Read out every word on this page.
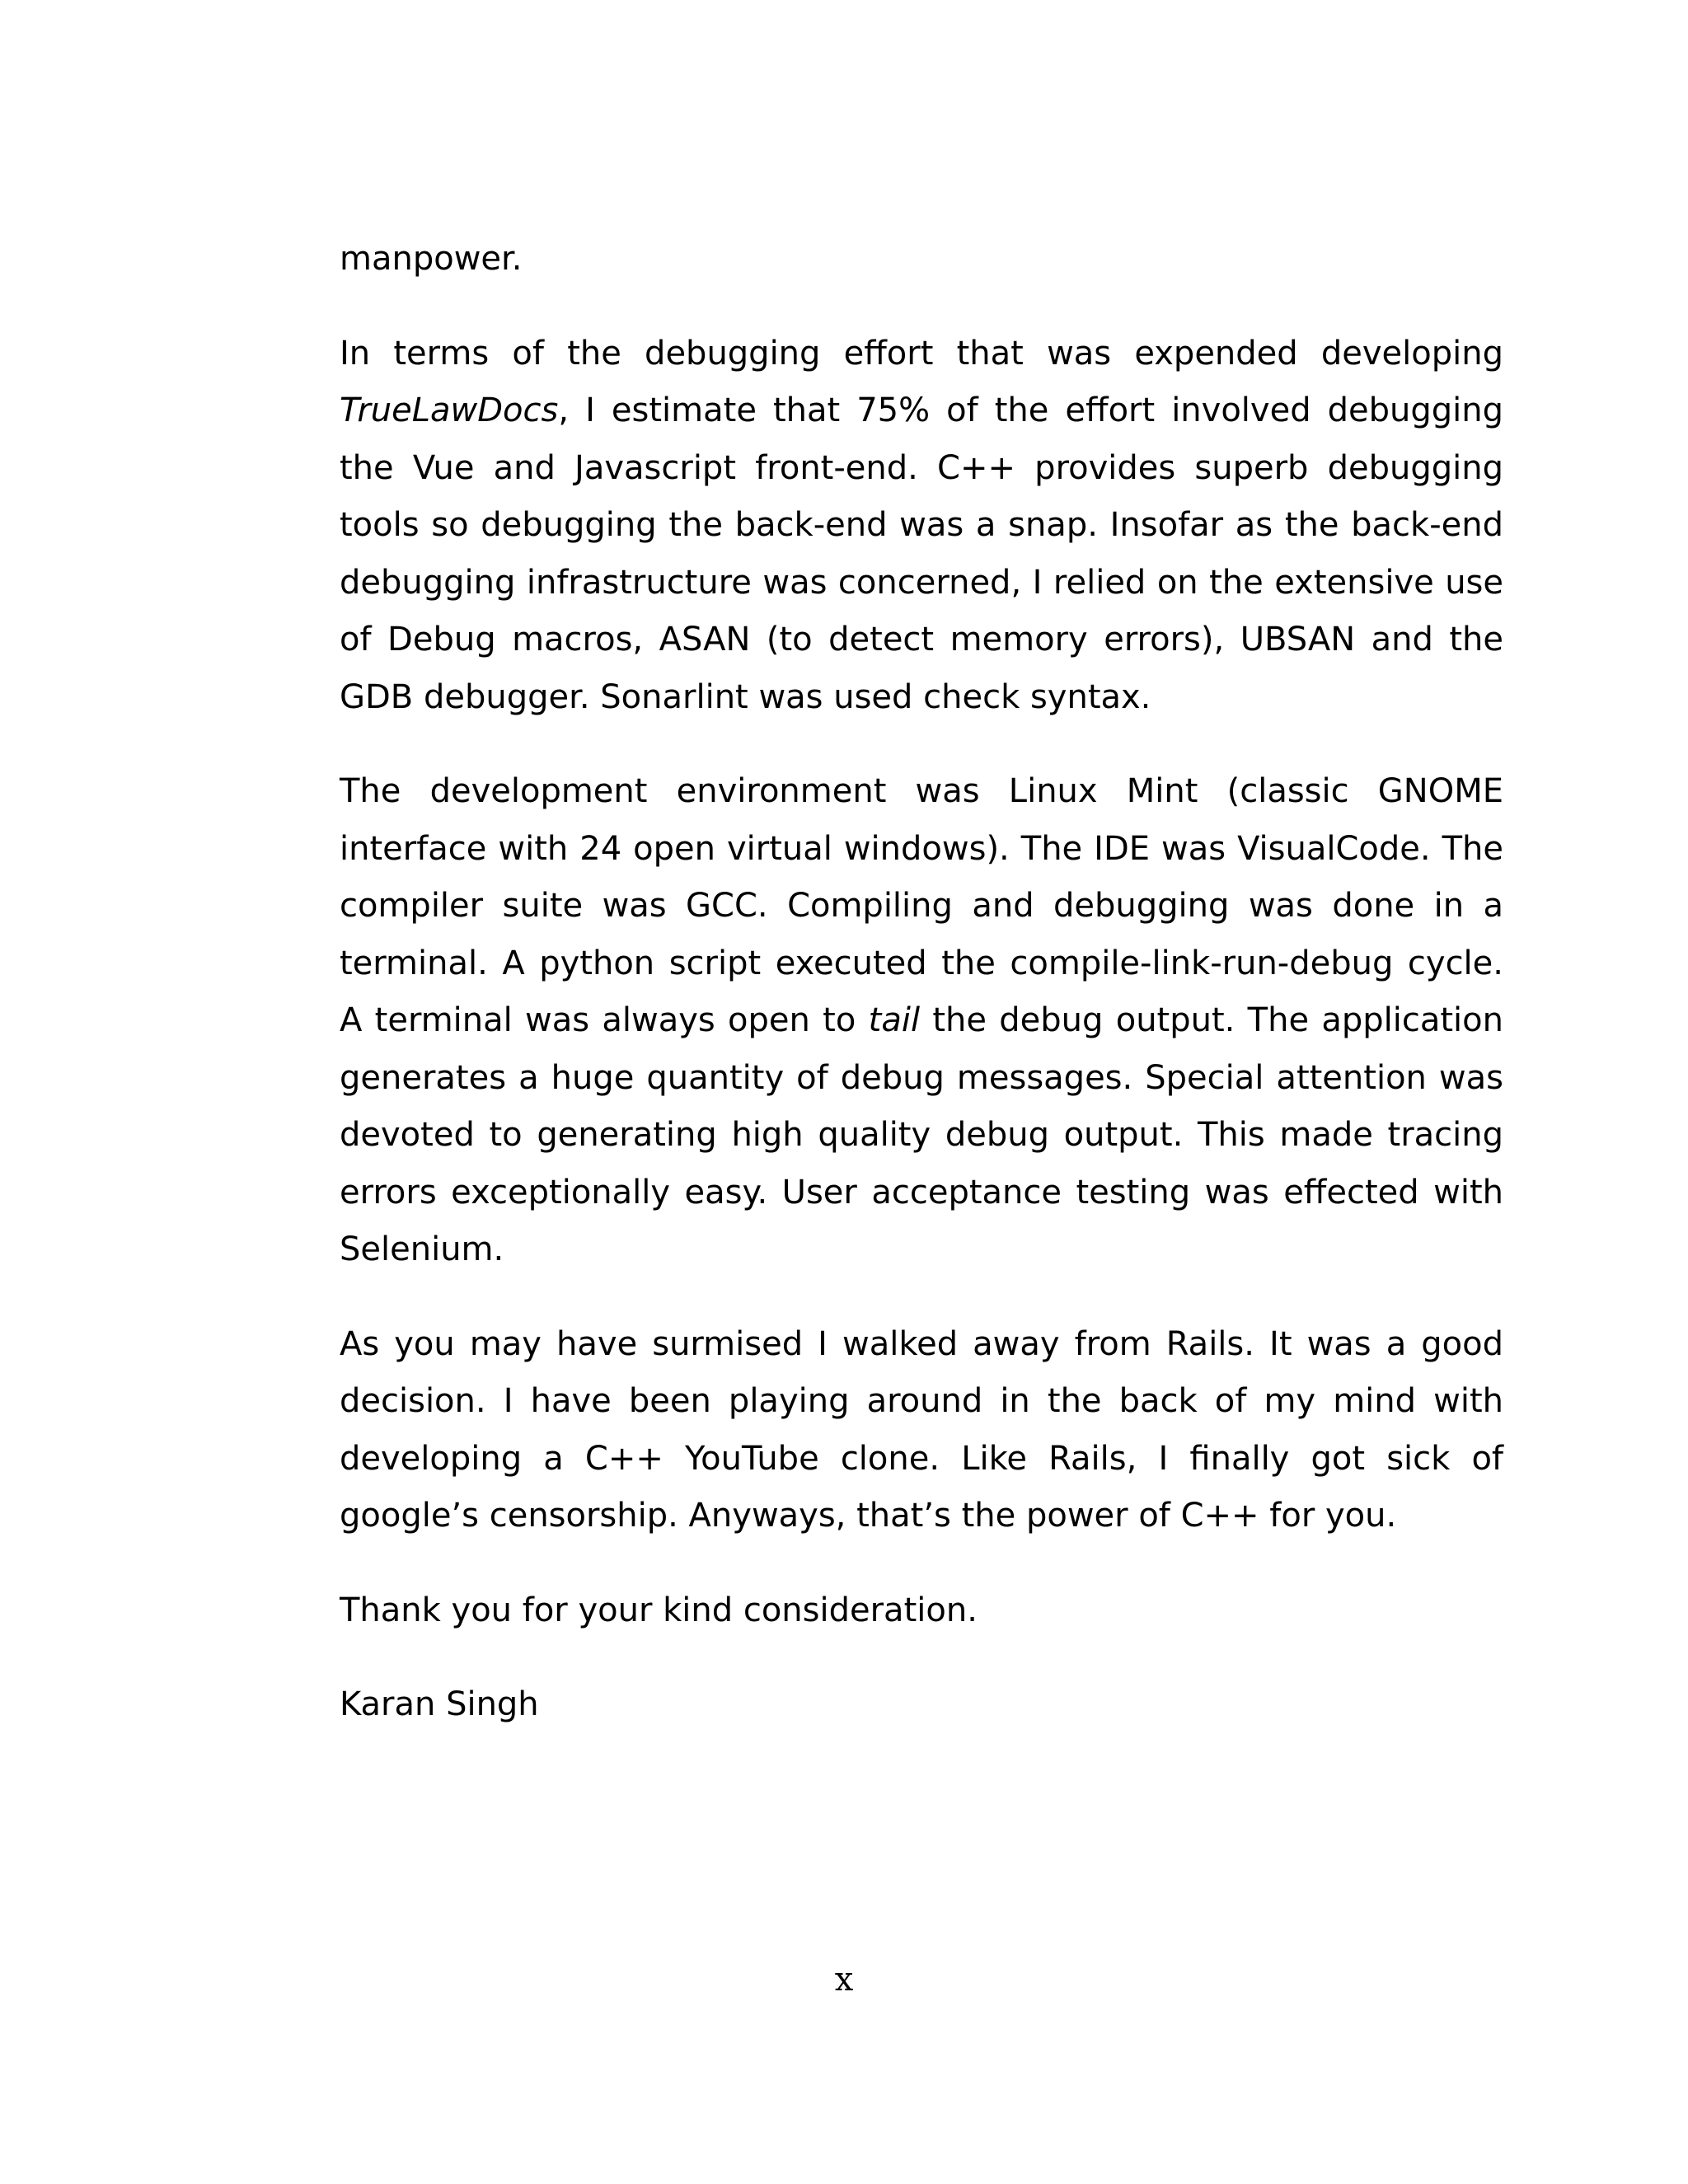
manpower.

In terms of the debugging effort that was expended developing TrueLawDocs, I estimate that 75% of the effort involved debugging the Vue and Javascript front-end. C++ provides superb debugging tools so debugging the back-end was a snap. Insofar as the back-end debugging infrastructure was concerned, I relied on the extensive use of Debug macros, ASAN (to detect memory errors), UBSAN and the GDB debugger. Sonarlint was used check syntax.

The development environment was Linux Mint (classic GNOME interface with 24 open virtual windows). The IDE was VisualCode. The compiler suite was GCC. Compiling and debugging was done in a terminal. A python script executed the compile-link-run-debug cycle. A terminal was always open to tail the debug output. The application generates a huge quantity of debug messages. Special attention was devoted to generating high quality debug output. This made tracing errors exceptionally easy. User acceptance testing was effected with Selenium.

As you may have surmised I walked away from Rails. It was a good decision. I have been playing around in the back of my mind with developing a C++ YouTube clone. Like Rails, I finally got sick of google’s censorship. Anyways, that’s the power of C++ for you.

Thank you for your kind consideration.

Karan Singh

x
